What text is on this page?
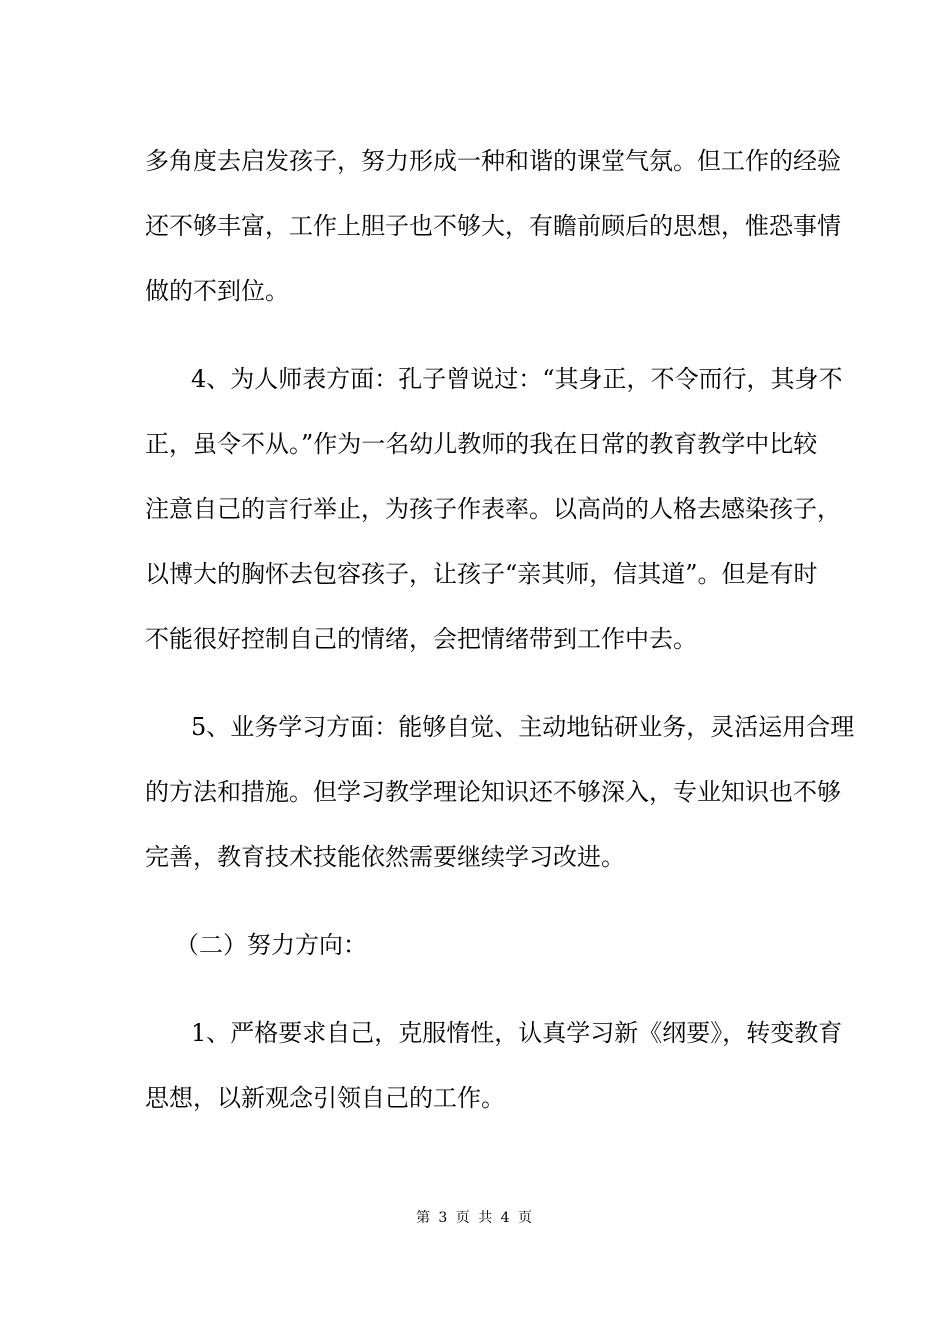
多角度去启发孩子，努力形成一种和谐的课堂气氛。但工作的经验
还不够丰富，工作上胆子也不够大，有瞻前顾后的思想，惟恐事情
做的不到位。
4、为人师表方面：孔子曾说过：“其身正，不令而行，其身不
正，虽令不从。”作为一名幼儿教师的我在日常的教育教学中比较
注意自己的言行举止，为孩子作表率。以高尚的人格去感染孩子，
以博大的胸怀去包容孩子，让孩子“亲其师，信其道”。但是有时
不能很好控制自己的情绪，会把情绪带到工作中去。
5、业务学习方面：能够自觉、主动地钻研业务，灵活运用合理
的方法和措施。但学习教学理论知识还不够深入，专业知识也不够
完善，教育技术技能依然需要继续学习改进。
（二）努力方向：
1、严格要求自己，克服惰性，认真学习新《纲要》，转变教育
思想，以新观念引领自己的工作。
第 3 页 共 4 页
